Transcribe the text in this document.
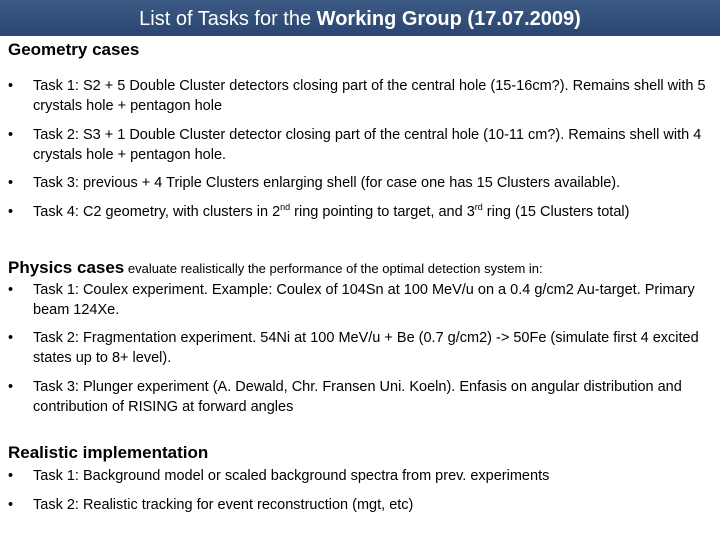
List of Tasks for the Working Group (17.07.2009)
Geometry cases
•	Task 1: S2 + 5 Double Cluster detectors closing part of the central hole (15-16cm?). Remains shell with 5 crystals hole + pentagon hole
•	Task 2: S3 + 1 Double Cluster detector closing part of the central hole (10-11 cm?). Remains shell with 4 crystals hole + pentagon hole.
•	Task 3: previous + 4 Triple Clusters enlarging shell (for case one has 15 Clusters available).
•	Task 4: C2 geometry, with clusters in 2nd ring pointing to target, and 3rd ring (15 Clusters total)
Physics cases evaluate realistically the performance of the optimal detection system in:
•	Task 1: Coulex experiment. Example: Coulex of 104Sn at 100 MeV/u on a 0.4 g/cm2 Au-target. Primary beam 124Xe.
•	Task 2: Fragmentation experiment. 54Ni at 100 MeV/u + Be (0.7 g/cm2) -> 50Fe (simulate first 4 excited states up to 8+ level).
•	Task 3: Plunger experiment (A. Dewald, Chr. Fransen Uni. Koeln). Enfasis on angular distribution and contribution of RISING at forward angles
Realistic implementation
•	Task 1: Background model or scaled background spectra from prev. experiments
•	Task 2: Realistic tracking for event reconstruction (mgt, etc)
